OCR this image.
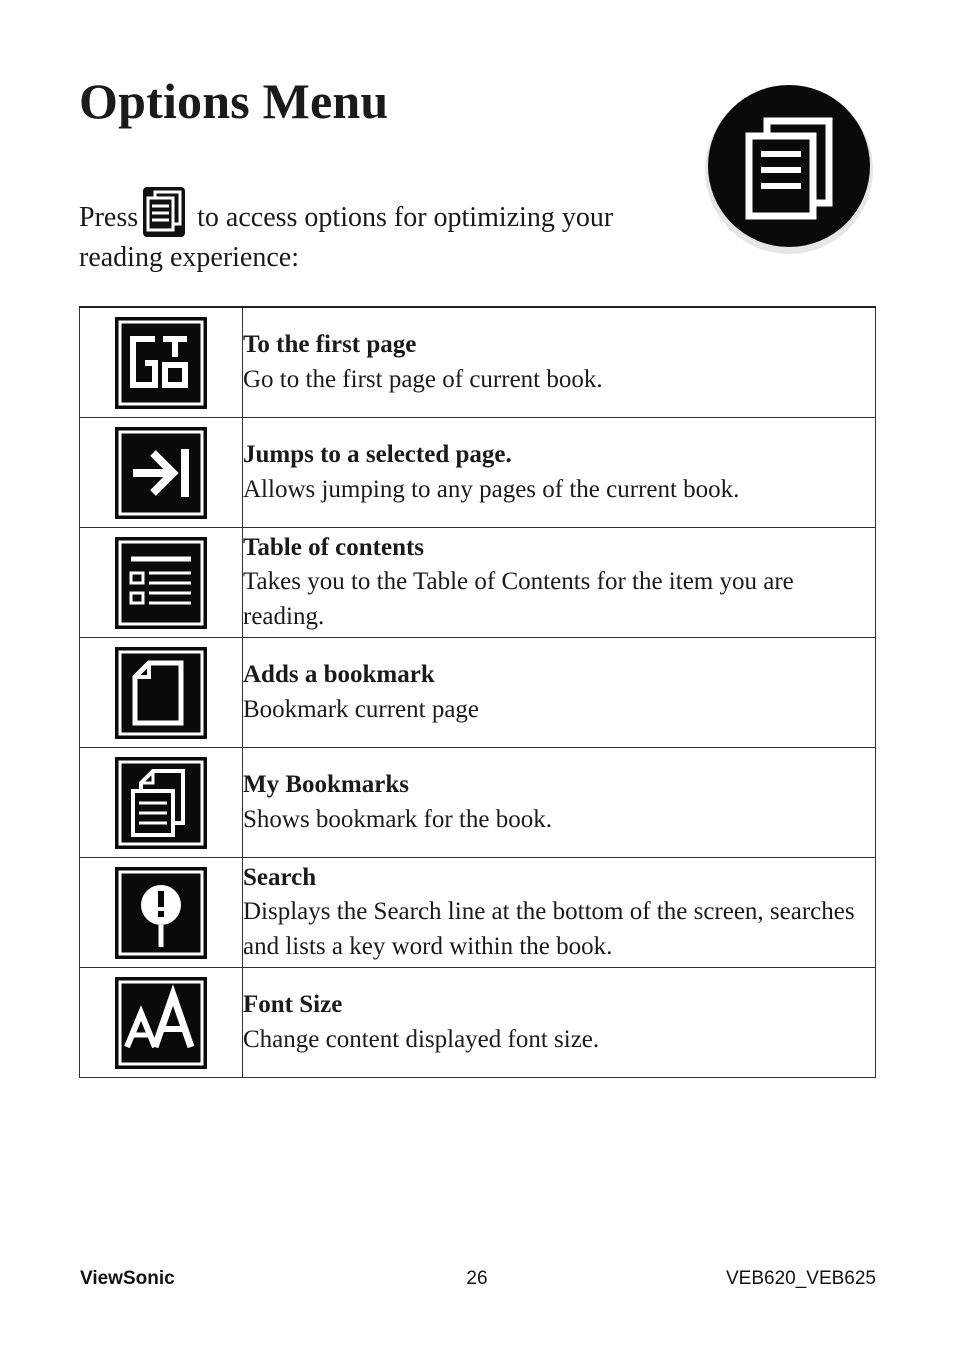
Options Menu
Press to access options for optimizing your reading experience:

To the first page
Go to the first page of current book.

Jumps to a selected page.
Allows jumping to any pages of the current book.

Table of contents
Takes you to the Table of Contents for the item you are reading.

Adds a bookmark
Bookmark current page

My Bookmarks
Shows bookmark for the book.

Search
Displays the Search line at the bottom of the screen, searches and lists a key word within the book.

Font Size
Change content displayed font size.
ViewSonic	26	VEB620_VEB625
